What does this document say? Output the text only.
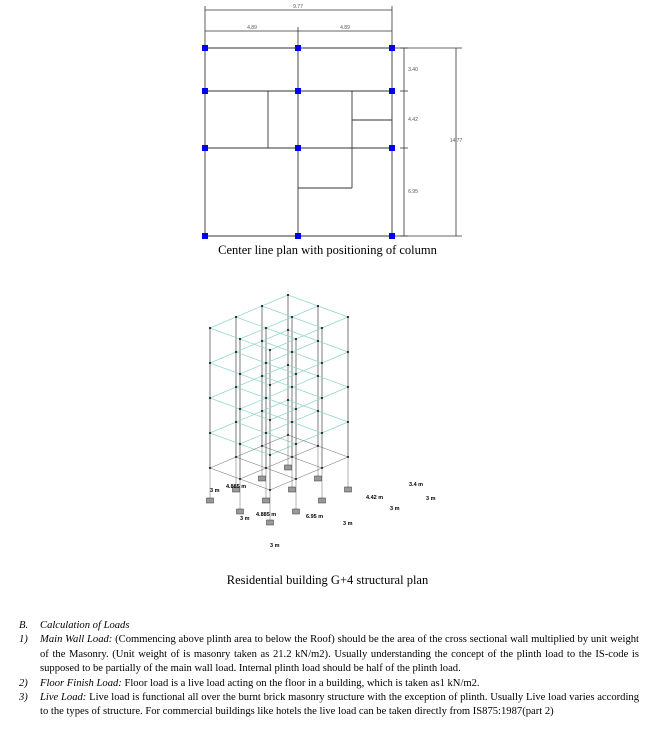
9.77
4.89	4.89
3.40
4.42
6.95
14.77
Center line plan with positioning of column
3 m
4.885 m
3 m
4.885 m	6.95 m
3 m
3 m
4.42 m
3 m
3.4 m
3 m
Residential building G+4 structural plan

B. Calculation of Loads

1) Main Wall Load: (Commencing above plinth area to below the Roof) should be the area of the cross sectional wall multiplied by unit weight of the Masonry. (Unit weight of is masonry taken as 21.2 kN/m2). Usually understanding the concept of the plinth load to the IS-code is supposed to be partially of the main wall load. Internal plinth load should be half of the plinth load.

2) Floor Finish Load: Floor load is a live load acting on the floor in a building, which is taken as1 kN/m2.

3) Live Load: Live load is functional all over the burnt brick masonry structure with the exception of plinth. Usually Live load varies according to the types of structure. For commercial buildings like hotels the live load can be taken directly from IS875:1987(part 2)
